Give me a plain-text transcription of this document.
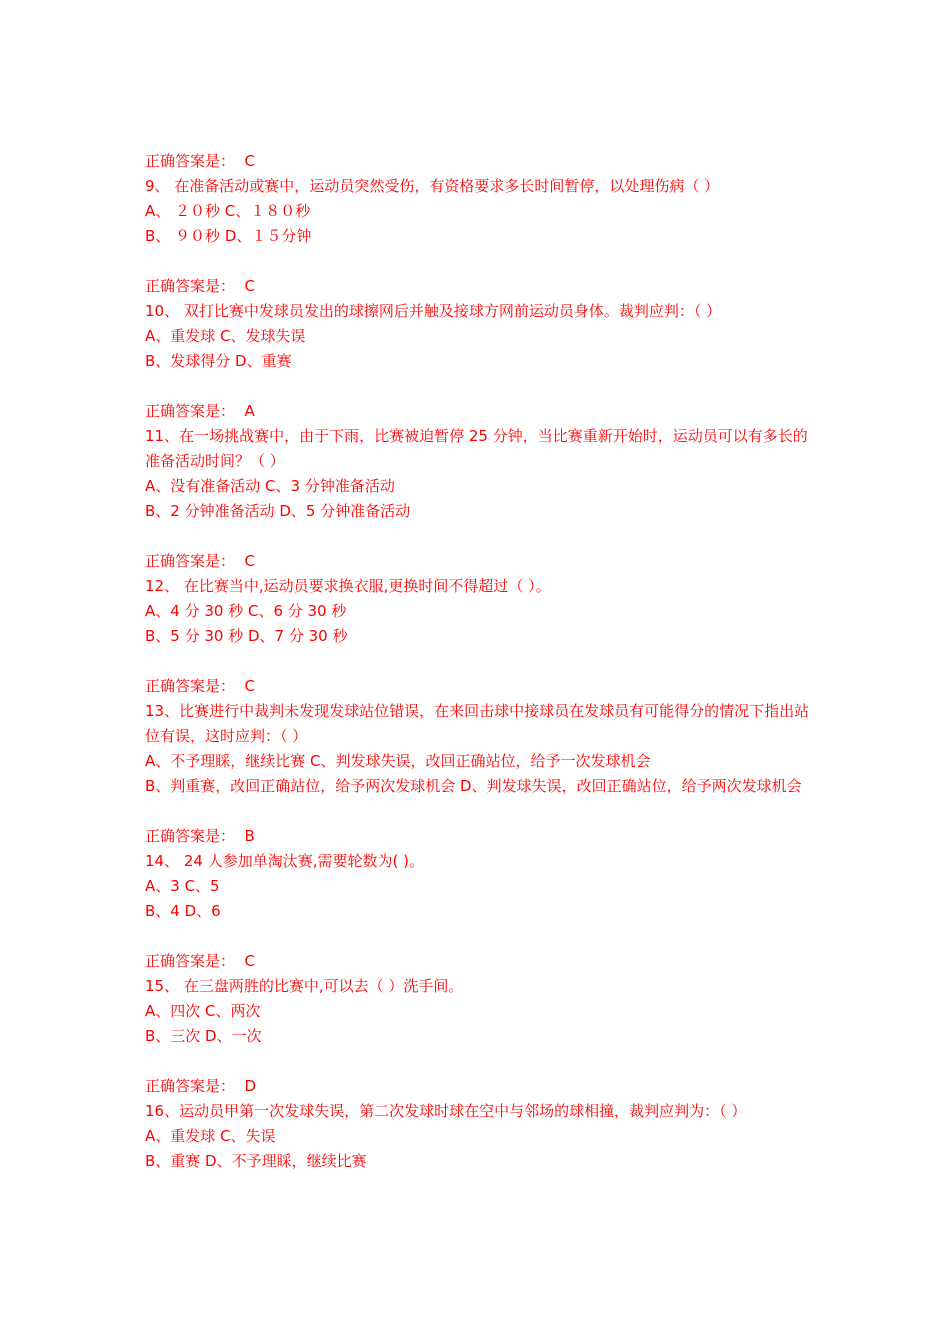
正确答案是：  C
9、 在准备活动或赛中，运动员突然受伤，有资格要求多长时间暂停，以处理伤病（ ）
A、 ２０秒 C、１８０秒
B、 ９０秒 D、１５分钟
正确答案是：  C
10、 双打比赛中发球员发出的球擦网后并触及接球方网前运动员身体。裁判应判：（ ）
A、重发球 C、发球失误
B、发球得分 D、重赛
正确答案是：  A
11、在一场挑战赛中，由于下雨，比赛被迫暂停 25 分钟，当比赛重新开始时，运动员可以有多长的准备活动时间？（ ）
A、没有准备活动 C、3 分钟准备活动
B、2 分钟准备活动 D、5 分钟准备活动
正确答案是：  C
12、 在比赛当中,运动员要求换衣服,更换时间不得超过（ ）。
A、4 分 30 秒 C、6 分 30 秒
B、5 分 30 秒 D、7 分 30 秒
正确答案是：  C
13、比赛进行中裁判未发现发球站位错误，在来回击球中接球员在发球员有可能得分的情况下指出站位有误，这时应判：（ ）
A、不予理睬，继续比赛 C、判发球失误，改回正确站位，给予一次发球机会
B、判重赛，改回正确站位，给予两次发球机会 D、判发球失误，改回正确站位，给予两次发球机会
正确答案是：  B
14、 24 人参加单淘汰赛,需要轮数为( )。
A、3 C、5
B、4 D、6
正确答案是：  C
15、 在三盘两胜的比赛中,可以去（ ）洗手间。
A、四次 C、两次
B、三次 D、一次
正确答案是：  D
16、运动员甲第一次发球失误，第二次发球时球在空中与邻场的球相撞，裁判应判为：（ ）
A、重发球 C、失误
B、重赛 D、不予理睬，继续比赛
